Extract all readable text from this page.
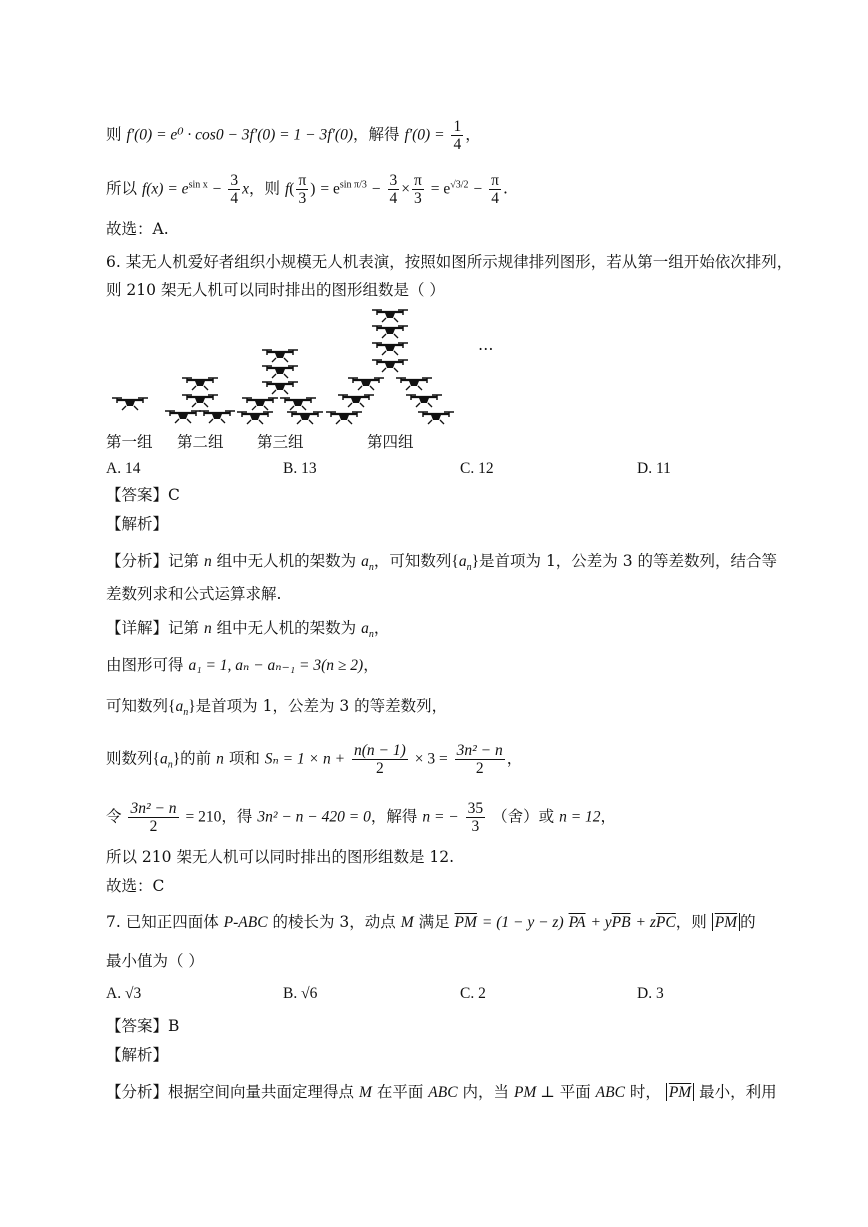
则 f′(0) = e⁰ · cos0 − 3f′(0) = 1 − 3f′(0)，解得 $f'(0) = \frac{1}{4}$ ，
所以 $f(x) = e^{sin x} - \frac{3}{4}$ x，则 $f( \frac{\pi}{3}$ ) = $e^{sin \pi/3} - \frac{3}{4} \times \frac{\pi}{3} = e^{√3/2} - \frac{\pi}{4}$ .
故选：A.
6. 某无人机爱好者组织小规模无人机表演，按照如图所示规律排列图形，若从第一组开始依次排列，
则 210 架无人机可以同时排出的图形组数是（ ）
…
第一组 第二组 第三组	第四组
A. 14	B. 13	C. 12	D. 11
【答案】C
【解析】
【分析】记第 n 组中无人机的架数为 $a_n$，可知数列$\{a_n\}$是首项为 1，公差为 3 的等差数列，结合等
差数列求和公式运算求解.
【详解】记第 n 组中无人机的架数为 $a_n$，
由图形可得 a₁ = 1, aₙ − aₙ₋₁ = 3(n ≥ 2)，
可知数列$\{a_n\}$是首项为 1，公差为 3 的等差数列，
则数列$\{a_n\}$的前 n 项和 $S_n = 1 \times n + \frac{n(n - 1)}{2} \times 3 = \frac{\text{3n² − n}}{2}$ ，
令 $\frac{\text{3n² − n}}{2} = 210$，得 3n² − n − 420 = 0，解得 n = − $\frac{35}{3}$ （舍）或 n = 12，
所以 210 架无人机可以同时排出的图形组数是 12.
故选：C
7. 已知正四面体 P-ABC 的棱长为 3，动点 M 满足 $\overline{PM} = (1 - y - z) \overline{PA} + y\overline{PB} + z\overline{PC}$，则 $\overline{PM}$ 的
最小值为（ ）
A. √3	B. √6	C. 2	D. 3
【答案】B
【解析】
【分析】根据空间向量共面定理得点 M 在平面 ABC 内，当 PM ⊥ 平面 ABC 时， $\overline{PM}$ 最小，利用
